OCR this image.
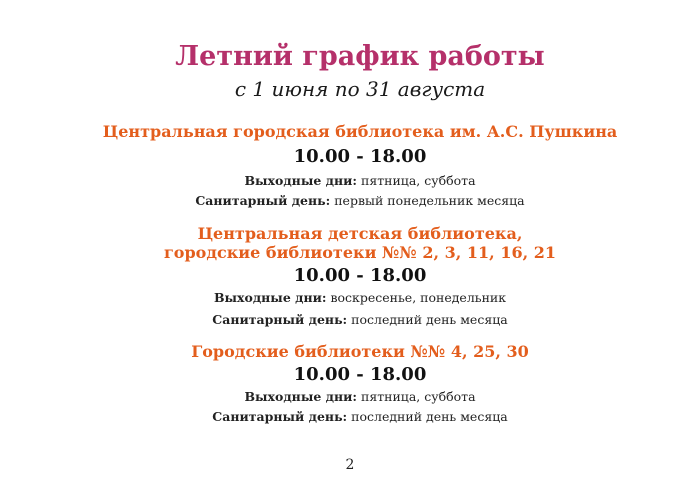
Летний график работы
с 1 июня по 31 августа
Центральная городская библиотека им. А.С. Пушкина
10.00 - 18.00
Выходные дни: пятница, суббота
Санитарный день: первый понедельник месяца
Центральная детская библиотека,
городские библиотеки №№ 2, 3, 11, 16, 21
10.00 - 18.00
Выходные дни: воскресенье, понедельник
Санитарный день: последний день месяца
Городские библиотеки №№ 4, 25, 30
10.00 - 18.00
Выходные дни: пятница, суббота
Санитарный день: последний день месяца
2
